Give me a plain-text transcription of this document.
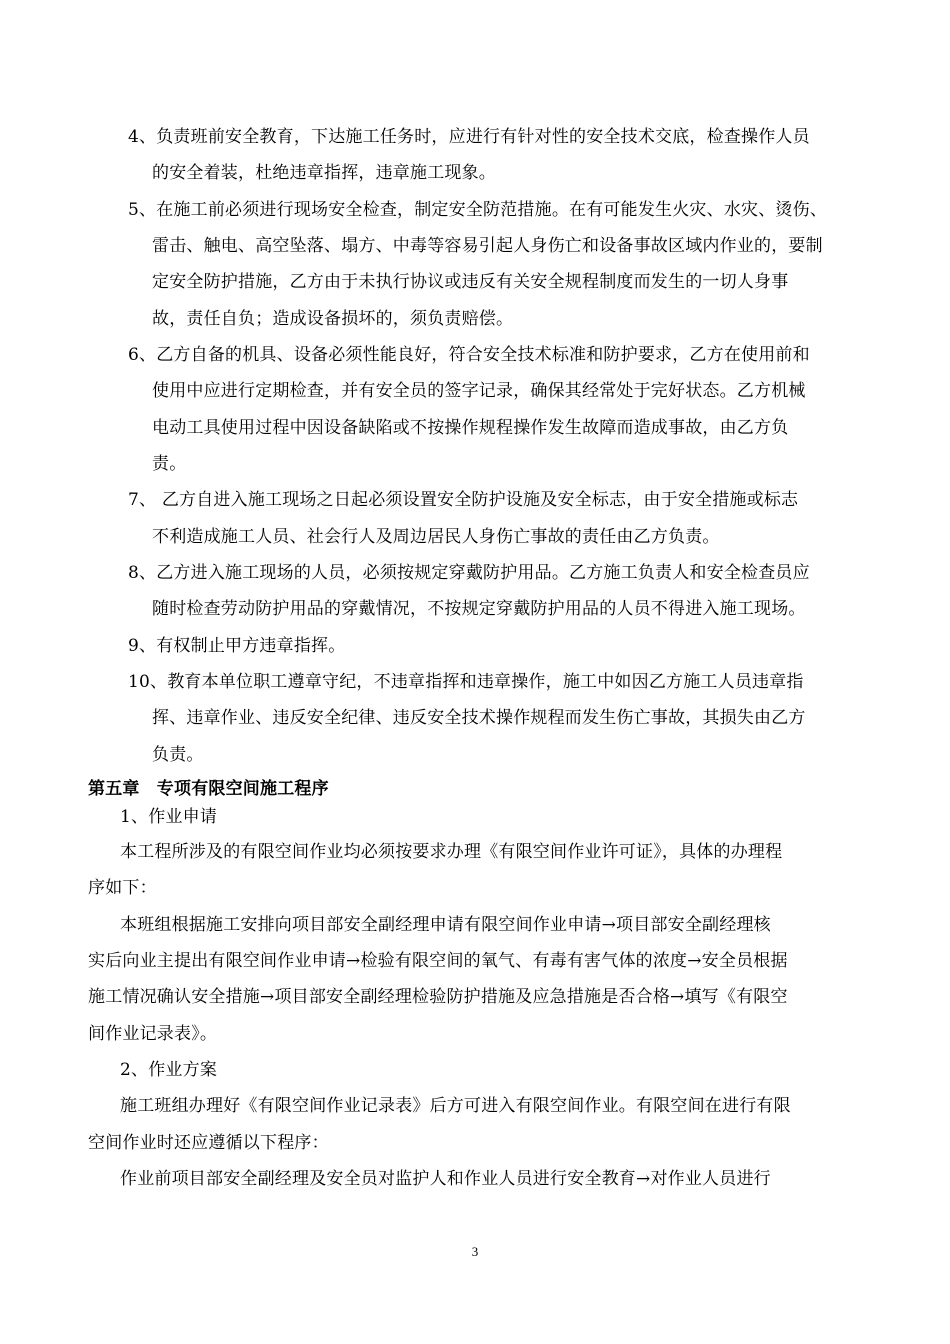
4、负责班前安全教育，下达施工任务时，应进行有针对性的安全技术交底，检查操作人员
的安全着装，杜绝违章指挥，违章施工现象。
5、在施工前必须进行现场安全检查，制定安全防范措施。在有可能发生火灾、水灾、烫伤、
雷击、触电、高空坠落、塌方、中毒等容易引起人身伤亡和设备事故区域内作业的，要制
定安全防护措施，乙方由于未执行协议或违反有关安全规程制度而发生的一切人身事
故，责任自负；造成设备损坏的，须负责赔偿。
6、乙方自备的机具、设备必须性能良好，符合安全技术标准和防护要求，乙方在使用前和
使用中应进行定期检查，并有安全员的签字记录，确保其经常处于完好状态。乙方机械
电动工具使用过程中因设备缺陷或不按操作规程操作发生故障而造成事故，由乙方负
责。
7、 乙方自进入施工现场之日起必须设置安全防护设施及安全标志，由于安全措施或标志
不利造成施工人员、社会行人及周边居民人身伤亡事故的责任由乙方负责。
8、乙方进入施工现场的人员，必须按规定穿戴防护用品。乙方施工负责人和安全检查员应
随时检查劳动防护用品的穿戴情况，不按规定穿戴防护用品的人员不得进入施工现场。
9、有权制止甲方违章指挥。
10、教育本单位职工遵章守纪，不违章指挥和违章操作，施工中如因乙方施工人员违章指
挥、违章作业、违反安全纪律、违反安全技术操作规程而发生伤亡事故，其损失由乙方
负责。
第五章　专项有限空间施工程序
1、作业申请
本工程所涉及的有限空间作业均必须按要求办理《有限空间作业许可证》，具体的办理程
序如下：
本班组根据施工安排向项目部安全副经理申请有限空间作业申请→项目部安全副经理核
实后向业主提出有限空间作业申请→检验有限空间的氧气、有毒有害气体的浓度→安全员根据
施工情况确认安全措施→项目部安全副经理检验防护措施及应急措施是否合格→填写《有限空
间作业记录表》。
2、作业方案
施工班组办理好《有限空间作业记录表》后方可进入有限空间作业。有限空间在进行有限
空间作业时还应遵循以下程序：
作业前项目部安全副经理及安全员对监护人和作业人员进行安全教育→对作业人员进行
3
